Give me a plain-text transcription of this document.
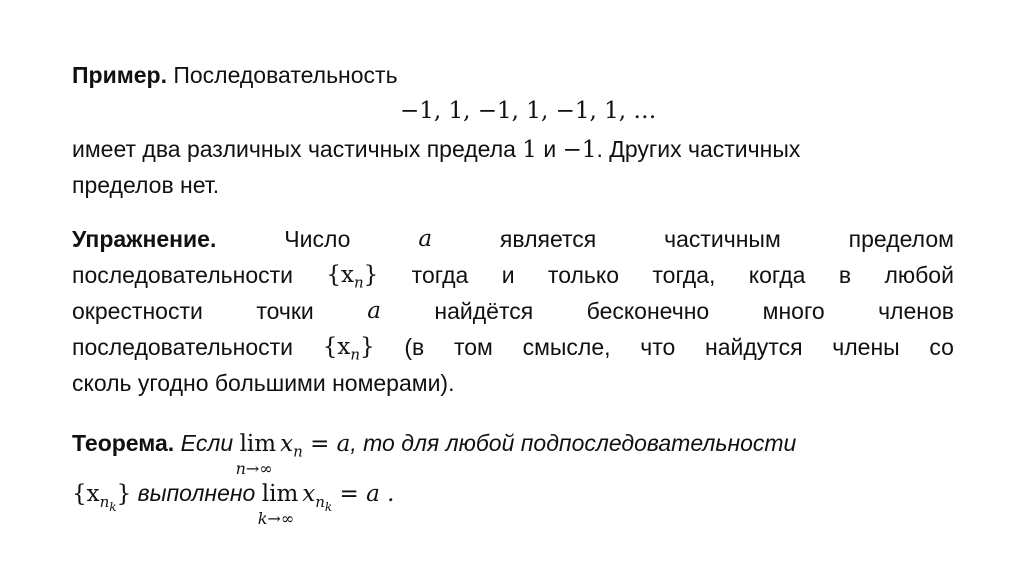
Пример. Последовательность
−1, 1, −1, 1, −1, 1, …
имеет два различных частичных предела 1 и −1. Других частичных
пределов нет.
Упражнение.	Число	a	является	частичным	пределом
последовательности $\{x_n\}$ тогда и только тогда, когда в любой
окрестности точки a найдётся бесконечно много членов
последовательности $\{x_n\}$ (в том смысле, что найдутся члены со
сколь угодно большими номерами).
Теорема. Если lim
n→∞
$x_n = a$, то для любой подпоследовательности
$\{x_{n_k}\}$ выполнено lim
k→∞
$x_{n_k} = a$ .
